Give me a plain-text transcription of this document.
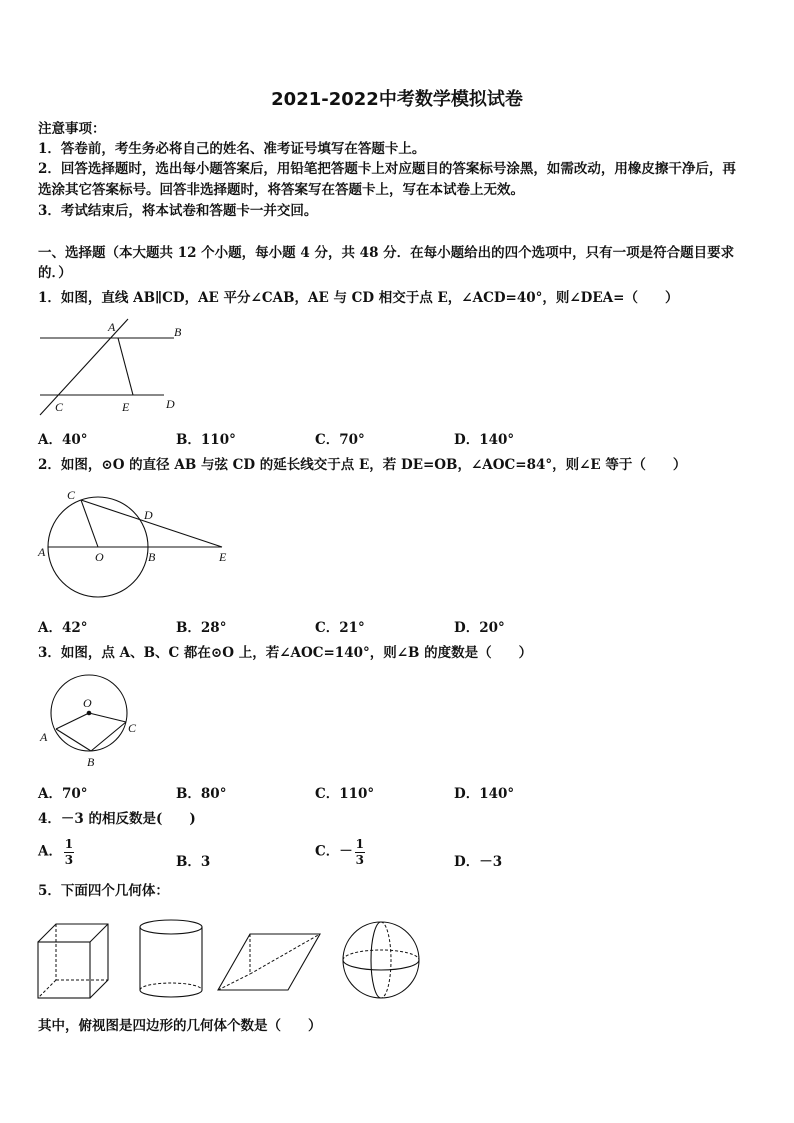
2021-2022中考数学模拟试卷
注意事项：
1．答卷前，考生务必将自己的姓名、准考证号填写在答题卡上。
2．回答选择题时，选出每小题答案后，用铅笔把答题卡上对应题目的答案标号涂黑，如需改动，用橡皮擦干净后，再
选涂其它答案标号。回答非选择题时，将答案写在答题卡上，写在本试卷上无效。
3．考试结束后，将本试卷和答题卡一并交回。
一、选择题（本大题共 12 个小题，每小题 4 分，共 48 分．在每小题给出的四个选项中，只有一项是符合题目要求
的．）
1．如图，直线 AB∥CD，AE 平分∠CAB，AE 与 CD 相交于点 E，∠ACD=40°，则∠DEA=（　　）
A	B
C	E	D
A．40°	B．110°	C．70°	D．140°
2．如图，⊙O 的直径 AB 与弦 CD 的延长线交于点 E，若 DE=OB，∠AOC=84°，则∠E 等于（　　）
C
D
A	O	B	E
A．42°	B．28°	C．21°	D．20°
3．如图，点 A、B、C 都在⊙O 上，若∠AOC=140°，则∠B 的度数是（　　）
O
A
C
B
A．70°	B．80°	C．110°	D．140°
4．－3 的相反数是(　　)
A． $\frac{1}{3}$	B．3
C．－ $\frac{1}{3}$	D．－3
5．下面四个几何体：
其中，俯视图是四边形的几何体个数是（　　）
